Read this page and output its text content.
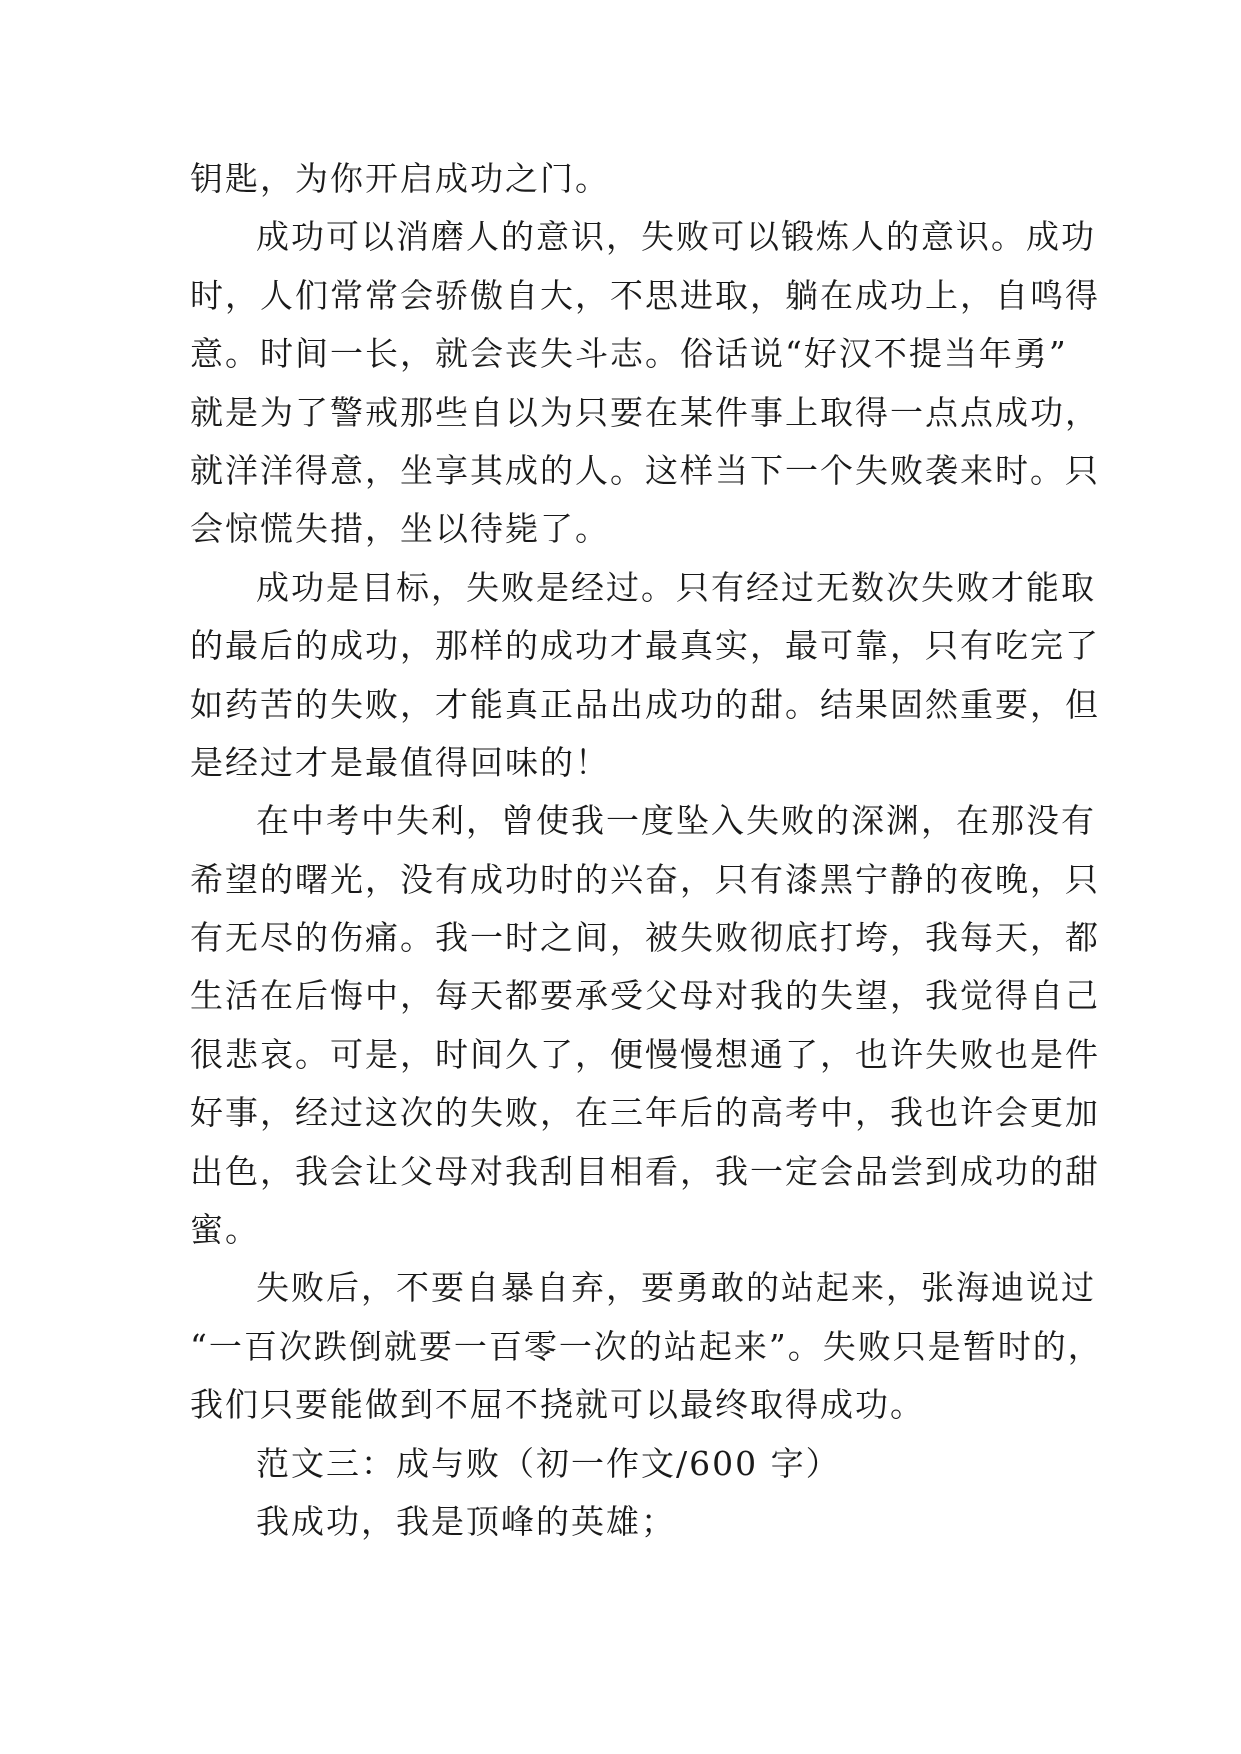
钥匙，为你开启成功之门。
成功可以消磨人的意识，失败可以锻炼人的意识。成功
时，人们常常会骄傲自大，不思进取，躺在成功上，自鸣得
意。时间一长，就会丧失斗志。俗话说“好汉不提当年勇”
就是为了警戒那些自以为只要在某件事上取得一点点成功，
就洋洋得意，坐享其成的人。这样当下一个失败袭来时。只
会惊慌失措，坐以待毙了。
成功是目标，失败是经过。只有经过无数次失败才能取
的最后的成功，那样的成功才最真实，最可靠，只有吃完了
如药苦的失败，才能真正品出成功的甜。结果固然重要，但
是经过才是最值得回味的！
在中考中失利，曾使我一度坠入失败的深渊，在那没有
希望的曙光，没有成功时的兴奋，只有漆黑宁静的夜晚，只
有无尽的伤痛。我一时之间，被失败彻底打垮，我每天，都
生活在后悔中，每天都要承受父母对我的失望，我觉得自己
很悲哀。可是，时间久了，便慢慢想通了，也许失败也是件
好事，经过这次的失败，在三年后的高考中，我也许会更加
出色，我会让父母对我刮目相看，我一定会品尝到成功的甜
蜜。
失败后，不要自暴自弃，要勇敢的站起来，张海迪说过
“一百次跌倒就要一百零一次的站起来”。失败只是暂时的，
我们只要能做到不屈不挠就可以最终取得成功。
范文三：成与败（初一作文/600 字）
我成功，我是顶峰的英雄；
